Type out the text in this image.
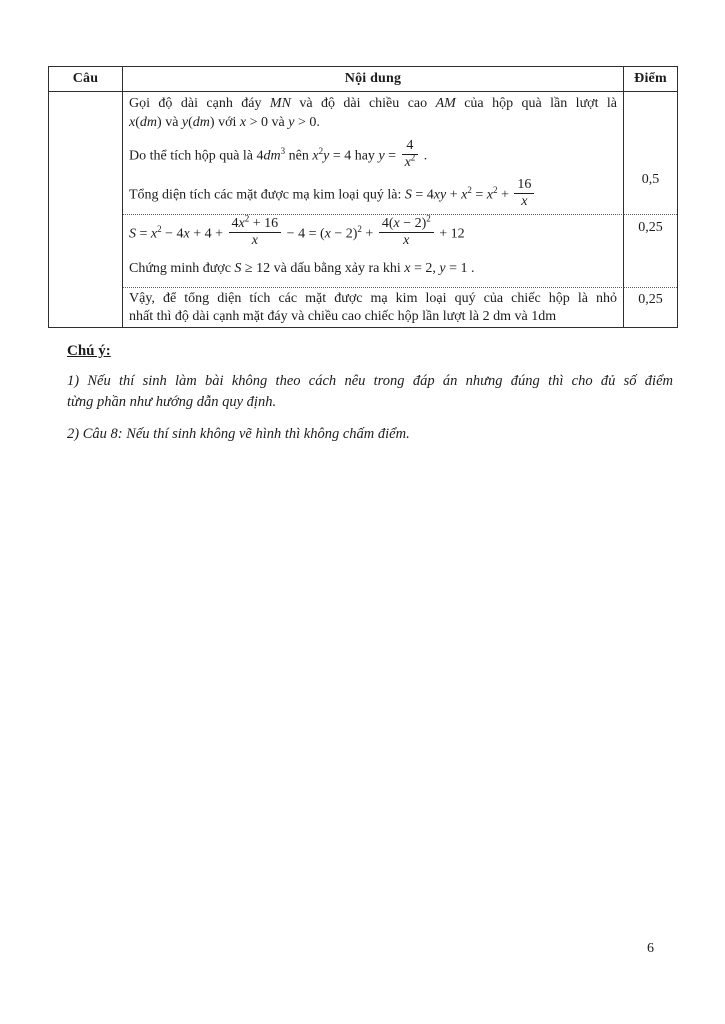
Câu	Nội dung	Điểm
Gọi độ dài cạnh đáy MN và độ dài chiều cao AM của hộp quà lần lượt là
x(dm) và y(dm) với x > 0 và y > 0.
Do thể tích hộp quà là $4dm^3$ nên $x^2y = 4$ hay $y = \frac{4}{x^2}$ .
Tổng diện tích các mặt được mạ kim loại quý là: $S = 4xy + x^2 = x^2 + \frac{16}{x}$	0,5
$S = x^2 - 4x + 4 + \frac{4x^2 + 16}{x} - 4 = (x - 2)^2 + \frac{4(x - 2)^2}{x} + 12$
Chứng minh được S ≥ 12 và dấu bằng xảy ra khi x = 2, y = 1 .
0,25
Vậy, để tổng diện tích các mặt được mạ kim loại quý của chiếc hộp là nhỏ
nhất thì độ dài cạnh mặt đáy và chiều cao chiếc hộp lần lượt là 2 dm và 1dm
0,25
Chú ý:
1) Nếu thí sinh làm bài không theo cách nêu trong đáp án nhưng đúng thì cho đủ số điểm
từng phần như hướng dẫn quy định.
2) Câu 8: Nếu thí sinh không vẽ hình thì không chấm điểm.
6
